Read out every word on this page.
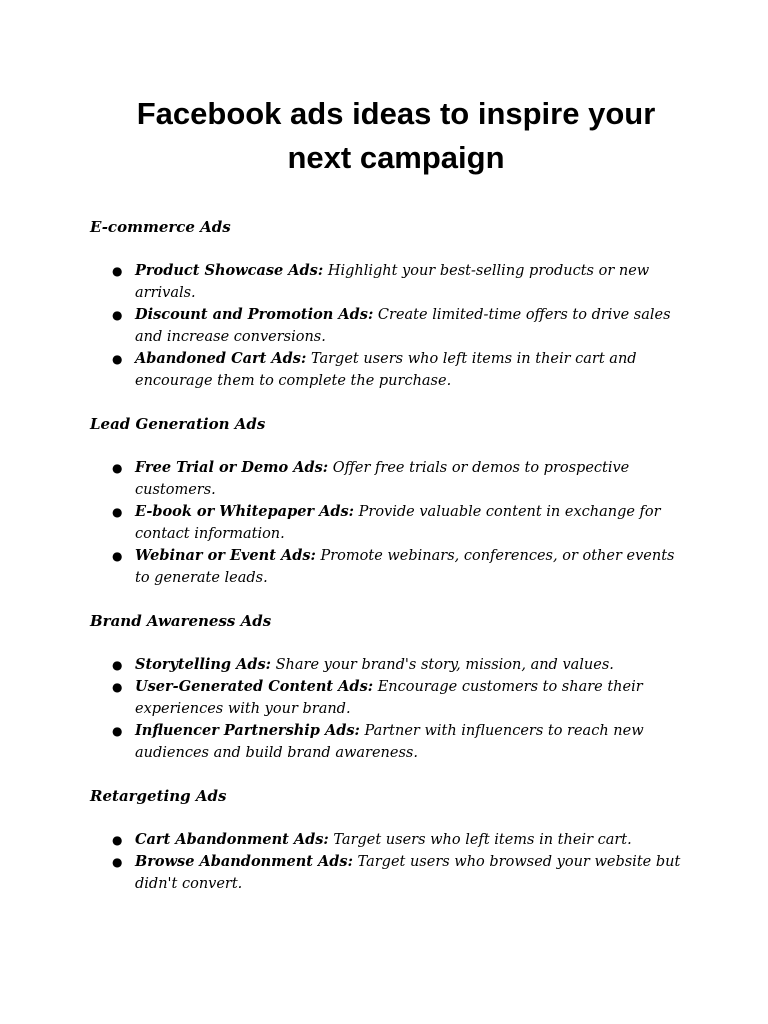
Facebook ads ideas to inspire your next campaign
E-commerce Ads
● Product Showcase Ads: Highlight your best-selling products or new arrivals.
● Discount and Promotion Ads: Create limited-time offers to drive sales and increase conversions.
● Abandoned Cart Ads: Target users who left items in their cart and encourage them to complete the purchase.
Lead Generation Ads
● Free Trial or Demo Ads: Offer free trials or demos to prospective customers.
● E-book or Whitepaper Ads: Provide valuable content in exchange for contact information.
● Webinar or Event Ads: Promote webinars, conferences, or other events to generate leads.
Brand Awareness Ads
● Storytelling Ads: Share your brand's story, mission, and values.
● User-Generated Content Ads: Encourage customers to share their experiences with your brand.
● Influencer Partnership Ads: Partner with influencers to reach new audiences and build brand awareness.
Retargeting Ads
● Cart Abandonment Ads: Target users who left items in their cart.
● Browse Abandonment Ads: Target users who browsed your website but didn't convert.
